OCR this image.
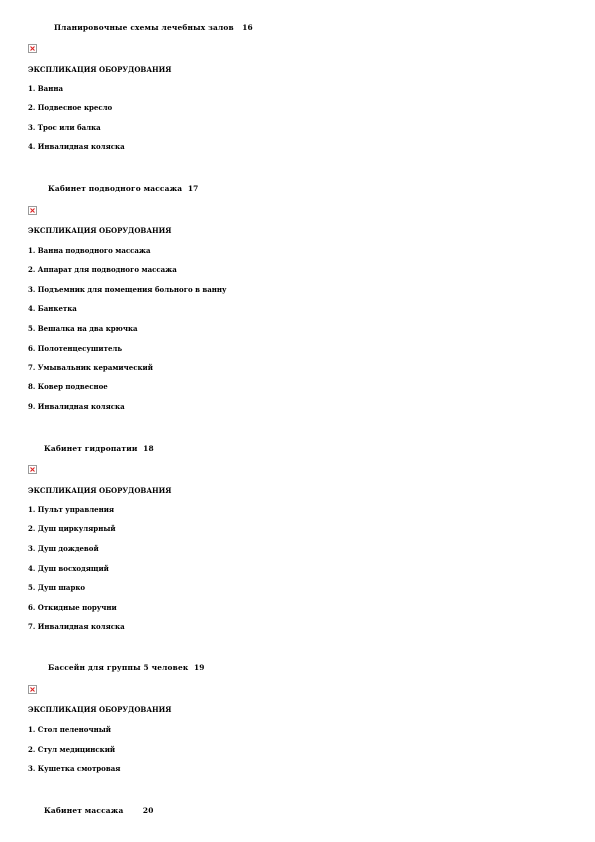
Планировочные схемы лечебных залов 16
ЭКСПЛИКАЦИЯ ОБОРУДОВАНИЯ
1. Ванна
2. Подвесное кресло
3. Трос или балка
4. Инвалидная коляска
Кабинет подводного массажа 17
ЭКСПЛИКАЦИЯ ОБОРУДОВАНИЯ
1. Ванна подводного массажа
2. Аппарат для подводного массажа
3. Подъемник для помещения больного в ванну
4. Банкетка
5. Вешалка на два крючка
6. Полотенцесушитель
7. Умывальник керамический
8. Ковер подвесное
9. Инвалидная коляска
Кабинет гидропатии 18
ЭКСПЛИКАЦИЯ ОБОРУДОВАНИЯ
1. Пульт управления
2. Душ циркулярный
3. Душ дождевой
4. Душ восходящий
5. Душ шарко
6. Откидные поручни
7. Инвалидная коляска
Бассейн для группы 5 человек 19
ЭКСПЛИКАЦИЯ ОБОРУДОВАНИЯ
1. Стол пеленочный
2. Стул медицинский
3. Кушетка смотровая
Кабинет массажа	20
